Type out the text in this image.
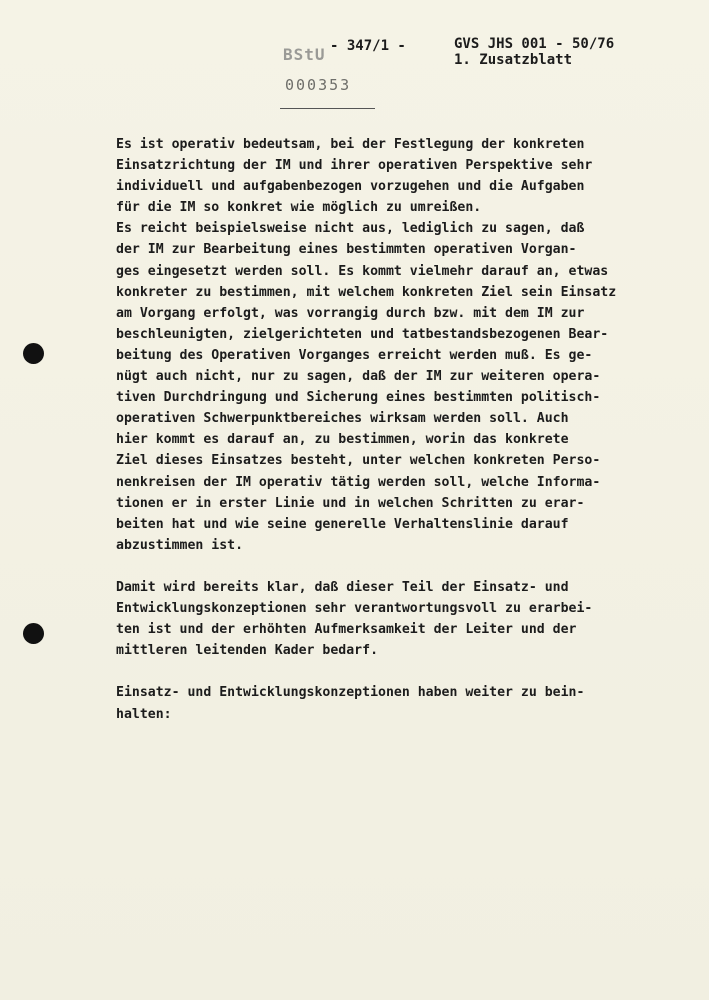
BStU
000353
- 347/1 -	GVS JHS 001 - 50/76
1. Zusatzblatt
Es ist operativ bedeutsam, bei der Festlegung der konkreten
Einsatzrichtung der IM und ihrer operativen Perspektive sehr
individuell und aufgabenbezogen vorzugehen und die Aufgaben
für die IM so konkret wie möglich zu umreißen.
Es reicht beispielsweise nicht aus, lediglich zu sagen, daß
der IM zur Bearbeitung eines bestimmten operativen Vorgan-
ges eingesetzt werden soll. Es kommt vielmehr darauf an, etwas
konkreter zu bestimmen, mit welchem konkreten Ziel sein Einsatz
am Vorgang erfolgt, was vorrangig durch bzw. mit dem IM zur
beschleunigten, zielgerichteten und tatbestandsbezogenen Bear-
beitung des Operativen Vorganges erreicht werden muß. Es ge-
nügt auch nicht, nur zu sagen, daß der IM zur weiteren opera-
tiven Durchdringung und Sicherung eines bestimmten politisch-
operativen Schwerpunktbereiches wirksam werden soll. Auch
hier kommt es darauf an, zu bestimmen, worin das konkrete
Ziel dieses Einsatzes besteht, unter welchen konkreten Perso-
nenkreisen der IM operativ tätig werden soll, welche Informa-
tionen er in erster Linie und in welchen Schritten zu erar-
beiten hat und wie seine generelle Verhaltenslinie darauf
abzustimmen ist.
Damit wird bereits klar, daß dieser Teil der Einsatz- und
Entwicklungskonzeptionen sehr verantwortungsvoll zu erarbei-
ten ist und der erhöhten Aufmerksamkeit der Leiter und der
mittleren leitenden Kader bedarf.
Einsatz- und Entwicklungskonzeptionen haben weiter zu bein-
halten:
